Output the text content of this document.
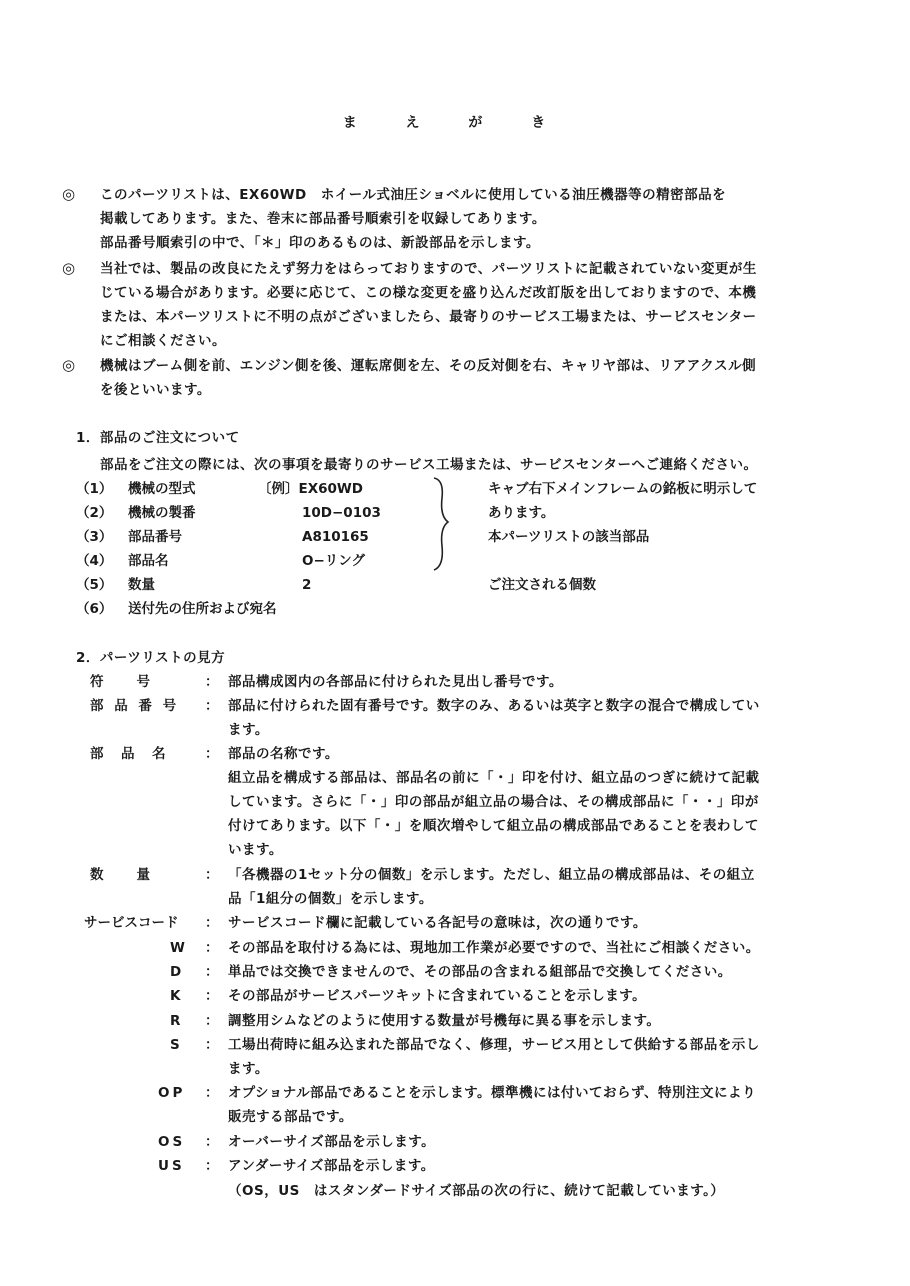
ま え が き
◎ このパーツリストは、EX60WD　ホイール式油圧ショベルに使用している油圧機器等の精密部品を
掲載してあります。また、巻末に部品番号順索引を収録してあります。
部品番号順索引の中で、「＊」印のあるものは、新設部品を示します。
◎ 当社では、製品の改良にたえず努力をはらっておりますので、パーツリストに記載されていない変更が生
じている場合があります。必要に応じて、この様な変更を盛り込んだ改訂版を出しておりますので、本機
または、本パーツリストに不明の点がございましたら、最寄りのサービス工場または、サービスセンター
にご相談ください。
◎ 機械はブーム側を前、エンジン側を後、運転席側を左、その反対側を右、キャリヤ部は、リアアクスル側
を後といいます。
1．部品のご注文について
部品をご注文の際には、次の事項を最寄りのサービス工場または、サービスセンターへご連絡ください。
（1） 機械の型式	〔例〕EX60WD	キャブ右下メインフレームの銘板に明示して
（2） 機械の製番	10D−0103	あります。
（3） 部品番号	A810165	本パーツリストの該当部品
（4） 部品名	O−リング
（5） 数量	2	ご注文される個数
（6） 送付先の住所および宛名
2．パーツリストの見方
符　　号	： 部品構成図内の各部品に付けられた見出し番号です。
部 品 番 号 ： 部品に付けられた固有番号です。数字のみ、あるいは英字と数字の混合で構成してい
ます。
部　品　名	： 部品の名称です。
組立品を構成する部品は、部品名の前に「・」印を付け、組立品のつぎに続けて記載
しています。さらに「・」印の部品が組立品の場合は、その構成部品に「・・」印が
付けてあります。以下「・」を順次増やして組立品の構成部品であることを表わして
います。
数　　量	： 「各機器の1セット分の個数」を示します。ただし、組立品の構成部品は、その組立
品「1組分の個数」を示します。
サービスコード ： サービスコード欄に記載している各記号の意味は，次の通りです。
W ： その部品を取付ける為には、現地加工作業が必要ですので、当社にご相談ください。
D ： 単品では交換できませんので、その部品の含まれる組部品で交換してください。
K ： その部品がサービスパーツキットに含まれていることを示します。
R ： 調整用シムなどのように使用する数量が号機毎に異る事を示します。
S ： 工場出荷時に組み込まれた部品でなく、修理，サービス用として供給する部品を示し
ます。
OP ： オプショナル部品であることを示します。標準機には付いておらず、特別注文により
販売する部品です。
OS ： オーバーサイズ部品を示します。
US ： アンダーサイズ部品を示します。
（OS，US　はスタンダードサイズ部品の次の行に、続けて記載しています。）
